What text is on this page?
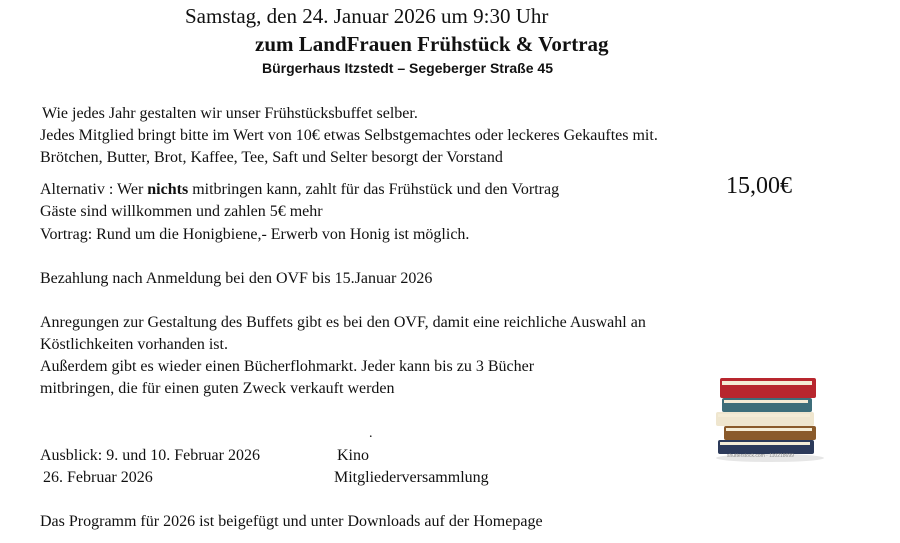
Samstag, den 24. Januar 2026 um 9:30 Uhr
zum LandFrauen Frühstück & Vortrag
Bürgerhaus Itzstedt – Segeberger Straße 45
Wie jedes Jahr gestalten wir unser Frühstücksbuffet selber.
Jedes Mitglied bringt bitte im Wert von 10€ etwas Selbstgemachtes oder leckeres Gekauftes mit.
Brötchen, Butter, Brot, Kaffee, Tee, Saft und Selter besorgt der Vorstand
Alternativ : Wer nichts mitbringen kann, zahlt für das Frühstück und den Vortrag	15,00€
Gäste sind willkommen und zahlen 5€ mehr
Vortrag: Rund um die Honigbiene,- Erwerb von Honig ist möglich.
Bezahlung nach Anmeldung bei den OVF bis 15.Januar 2026
Anregungen zur Gestaltung des Buffets gibt es bei den OVF, damit eine reichliche Auswahl an
Köstlichkeiten vorhanden ist.
Außerdem gibt es wieder einen Bücherflohmarkt. Jeder kann bis zu 3 Bücher
mitbringen, die für einen guten Zweck verkauft werden
.
Ausblick: 9. und 10. Februar 2026	Kino
26. Februar 2026	Mitgliederversammlung
Das Programm für 2026 ist beigefügt und unter Downloads auf der Homepage
shutterstock.com · 110218699
